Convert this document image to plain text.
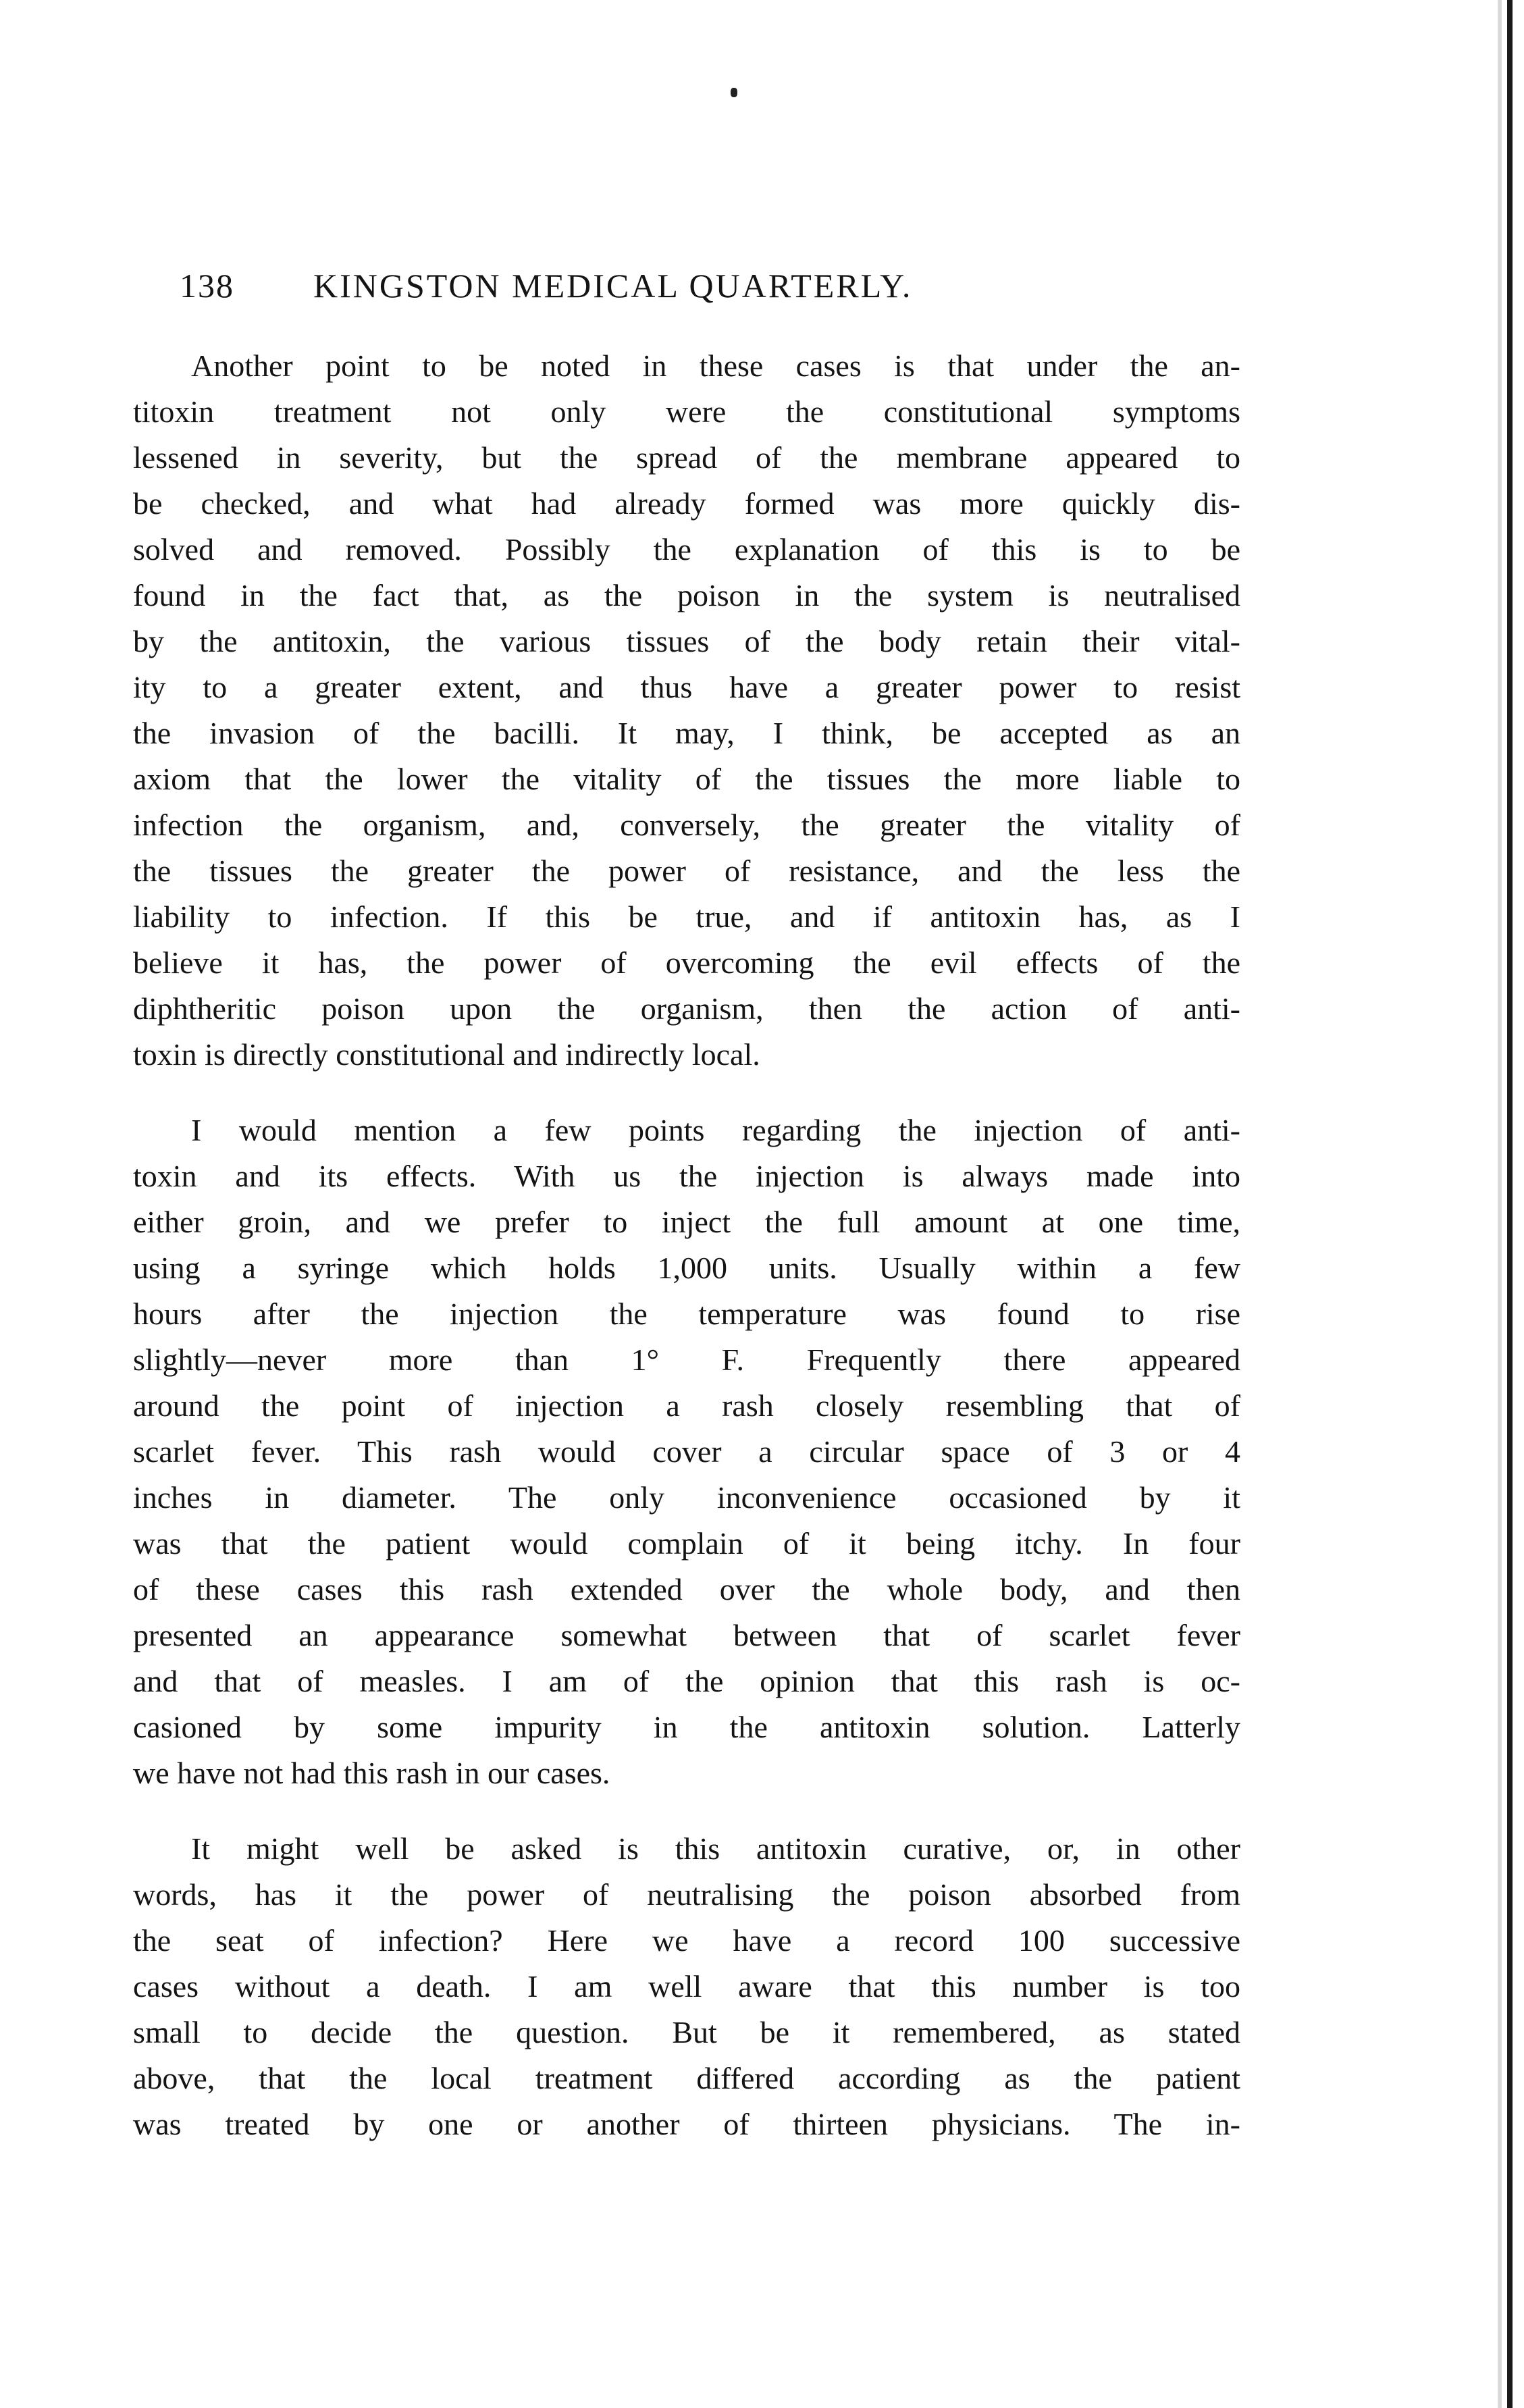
138 KINGSTON MEDICAL QUARTERLY.
Another point to be noted in these cases is that under the an-
titoxin treatment not only were the constitutional symptoms
lessened in severity, but the spread of the membrane appeared to
be checked, and what had already formed was more quickly dis-
solved and removed. Possibly the explanation of this is to be
found in the fact that, as the poison in the system is neutralised
by the antitoxin, the various tissues of the body retain their vital-
ity to a greater extent, and thus have a greater power to resist
the invasion of the bacilli. It may, I think, be accepted as an
axiom that the lower the vitality of the tissues the more liable to
infection the organism, and, conversely, the greater the vitality of
the tissues the greater the power of resistance, and the less the
liability to infection. If this be true, and if antitoxin has, as I
believe it has, the power of overcoming the evil effects of the
diphtheritic poison upon the organism, then the action of anti-
toxin is directly constitutional and indirectly local.
I would mention a few points regarding the injection of anti-
toxin and its effects. With us the injection is always made into
either groin, and we prefer to inject the full amount at one time,
using a syringe which holds 1,000 units. Usually within a few
hours after the injection the temperature was found to rise
slightly—never more than 1° F. Frequently there appeared
around the point of injection a rash closely resembling that of
scarlet fever. This rash would cover a circular space of 3 or 4
inches in diameter. The only inconvenience occasioned by it
was that the patient would complain of it being itchy. In four
of these cases this rash extended over the whole body, and then
presented an appearance somewhat between that of scarlet fever
and that of measles. I am of the opinion that this rash is oc-
casioned by some impurity in the antitoxin solution. Latterly
we have not had this rash in our cases.
It might well be asked is this antitoxin curative, or, in other
words, has it the power of neutralising the poison absorbed from
the seat of infection? Here we have a record 100 successive
cases without a death. I am well aware that this number is too
small to decide the question. But be it remembered, as stated
above, that the local treatment differed according as the patient
was treated by one or another of thirteen physicians. The in-
